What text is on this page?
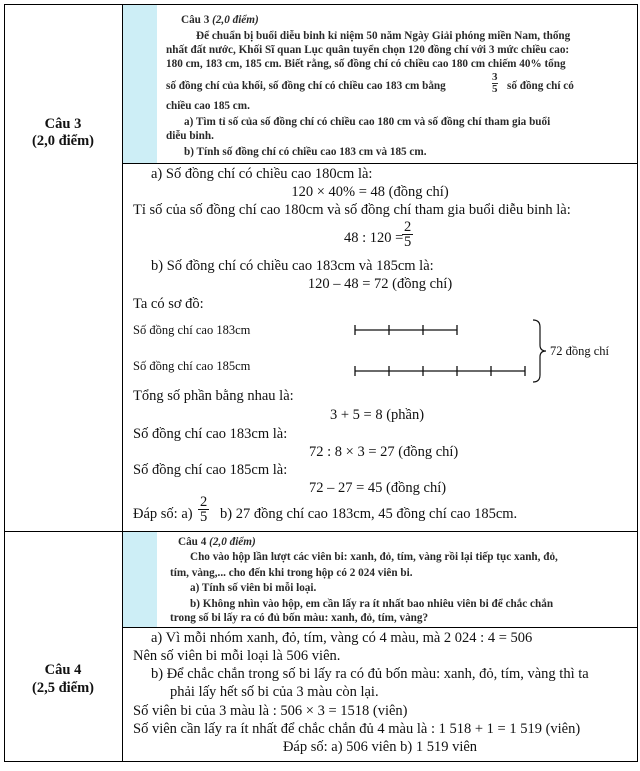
Câu 3
(2,0 điểm)
Câu 3 (2,0 điểm)
Để chuẩn bị buổi diễu binh kỉ niệm 50 năm Ngày Giải phóng miền Nam, thống
nhất đất nước, Khối Sĩ quan Lục quân tuyển chọn 120 đồng chí với 3 mức chiều cao:
180 cm, 183 cm, 185 cm. Biết rằng, số đồng chí có chiều cao 180 cm chiếm 40% tổng
số đồng chí của khối, số đồng chí có chiều cao 183 cm bằng	$\frac{3}{5}$ số đồng chí có
chiều cao 185 cm.
a) Tìm tỉ số của số đồng chí có chiều cao 180 cm và số đồng chí tham gia buổi
diễu binh.
b) Tính số đồng chí có chiều cao 183 cm và 185 cm.
a) Số đồng chí có chiều cao 180cm là:
120 × 40% = 48 (đồng chí)
Tỉ số của số đồng chí cao 180cm và số đồng chí tham gia buổi diễu binh là:
48 : 120 =
$\frac{2}{5}$
b) Số đồng chí có chiều cao 183cm và 185cm là:
120 – 48 = 72 (đồng chí)
Ta có sơ đồ:
Số đồng chí cao 183cm
Số đồng chí cao 185cm
72 đồng chí
Tổng số phần bằng nhau là:
3 + 5 = 8 (phần)
Số đồng chí cao 183cm là:
72 : 8 × 3 = 27 (đồng chí)
Số đồng chí cao 185cm là:
72 – 27 = 45 (đồng chí)
Đáp số: $a) \frac{2}{5} b$) 27 đồng chí cao 183cm, 45 đồng chí cao 185cm.
Câu 4
(2,5 điểm)
Câu 4 (2,0 điểm)
Cho vào hộp lần lượt các viên bi: xanh, đỏ, tím, vàng rồi lại tiếp tục xanh, đỏ,
tím, vàng,... cho đến khi trong hộp có 2 024 viên bi.
a) Tính số viên bi mỗi loại.
b) Không nhìn vào hộp, em cần lấy ra ít nhất bao nhiêu viên bi để chắc chắn
trong số bi lấy ra có đủ bốn màu: xanh, đỏ, tím, vàng?
a) Vì mỗi nhóm xanh, đỏ, tím, vàng có 4 màu, mà 2 024 : 4 = 506
Nên số viên bi mỗi loại là 506 viên.
b) Để chắc chắn trong số bi lấy ra có đủ bốn màu: xanh, đỏ, tím, vàng thì ta
phải lấy hết số bi của 3 màu còn lại.
Số viên bi của 3 màu là : 506 × 3 = 1518 (viên)
Số viên cần lấy ra ít nhất để chắc chắn đủ 4 màu là : 1 518 + 1 = 1 519 (viên)
Đáp số: a) 506 viên b) 1 519 viên
